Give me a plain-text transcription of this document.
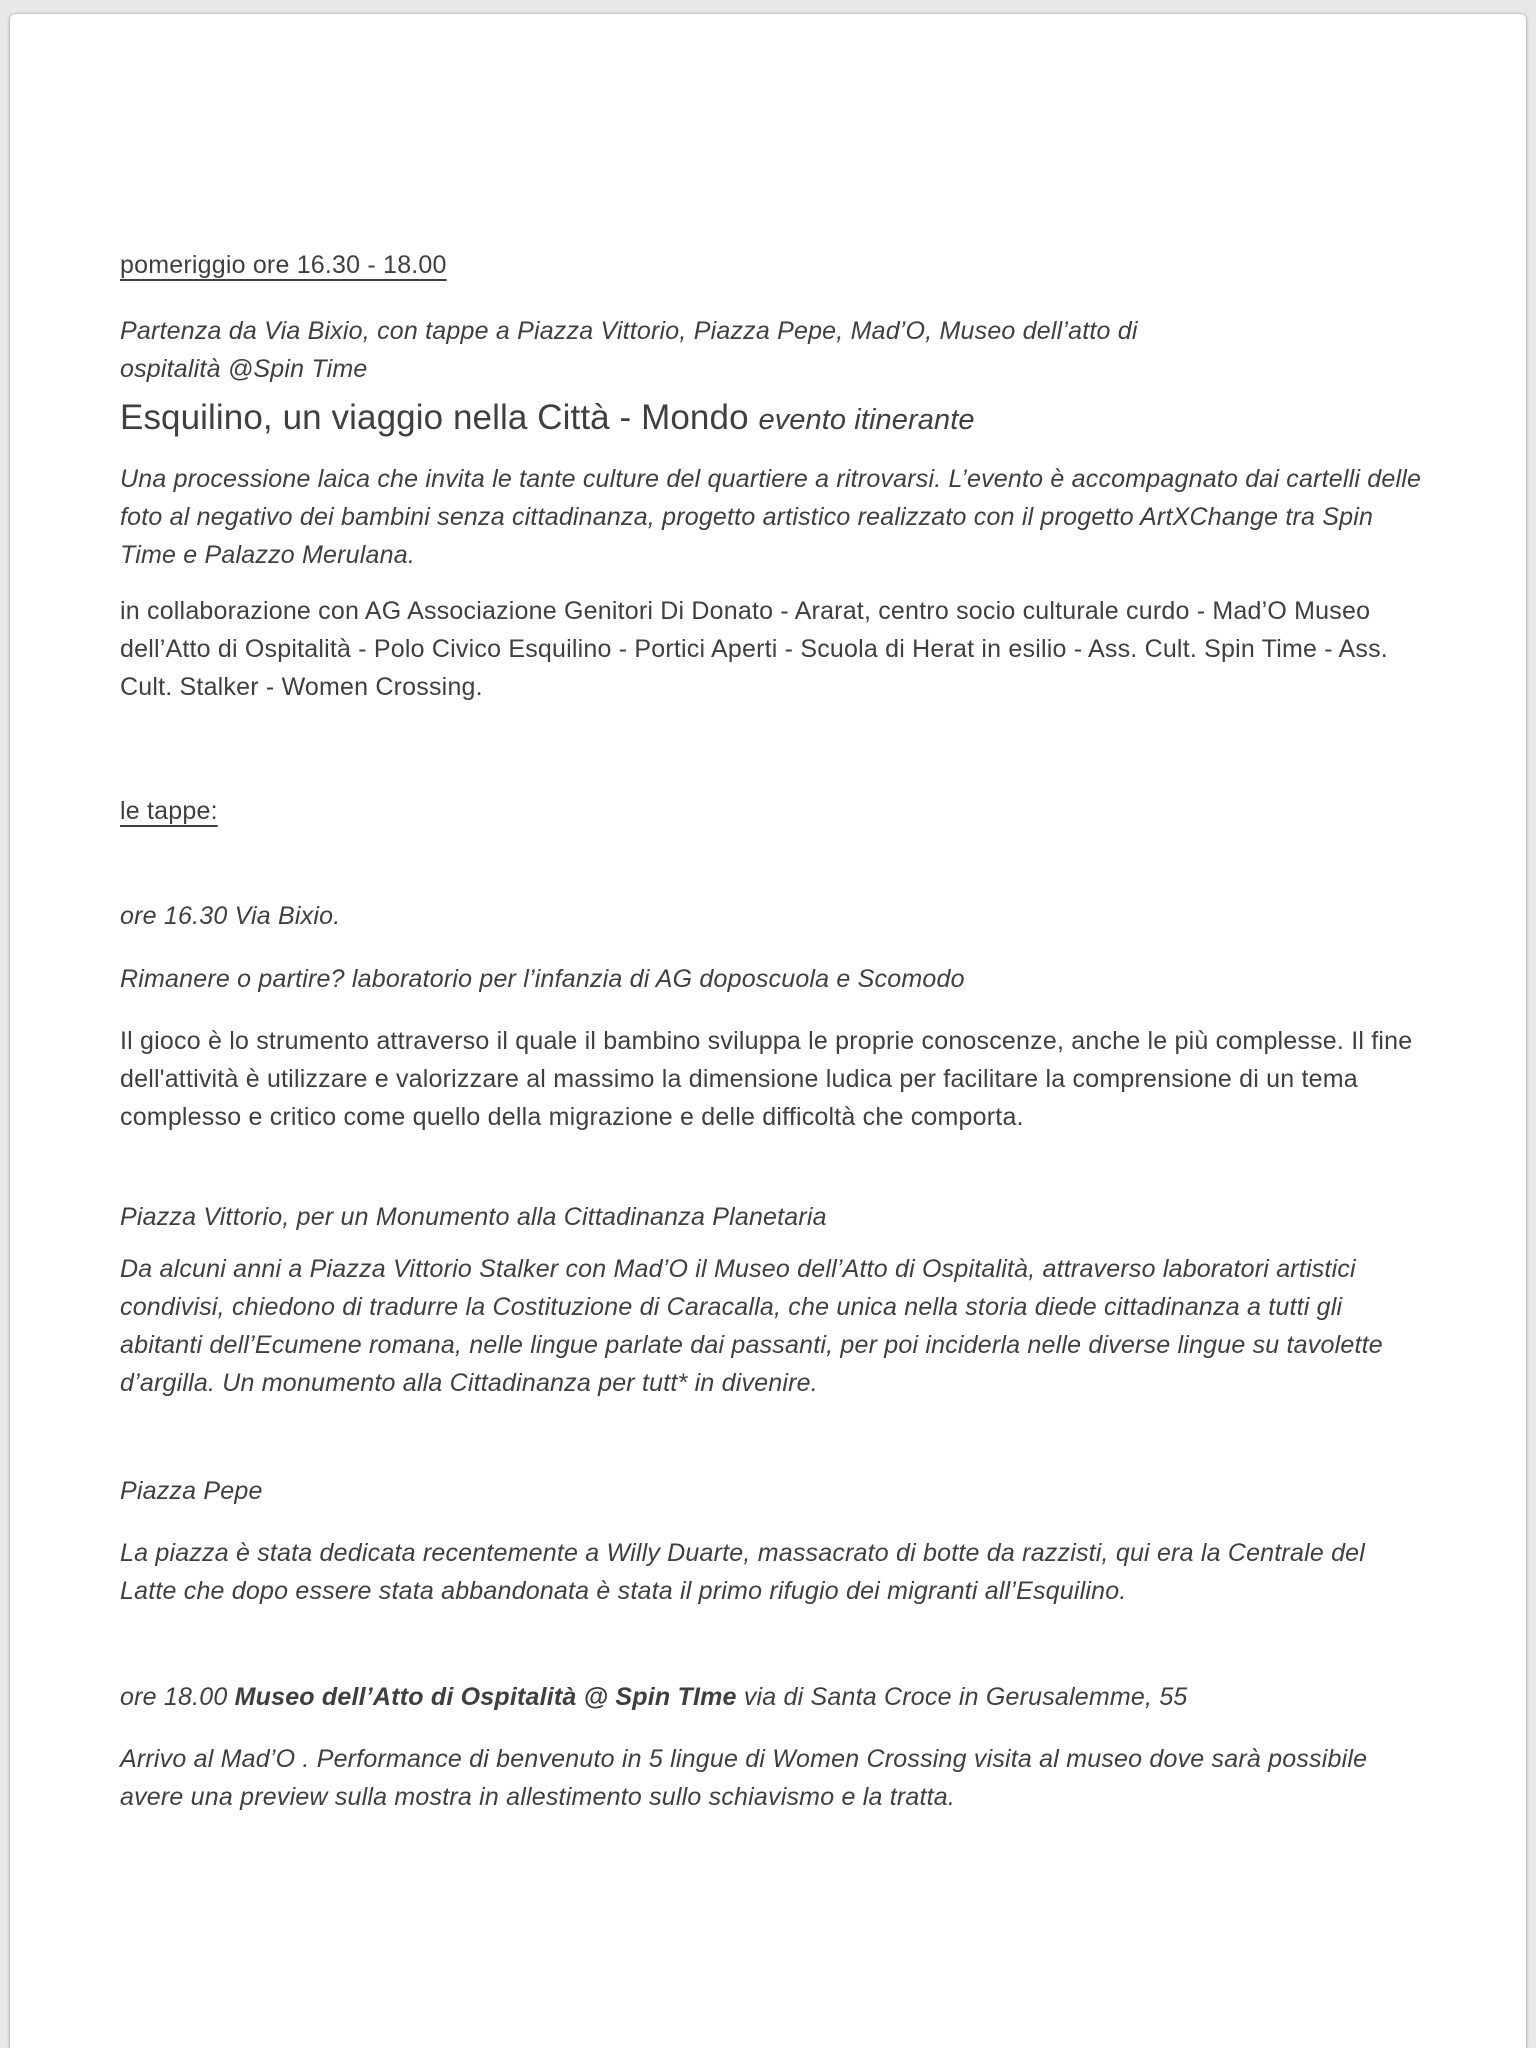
pomeriggio ore 16.30 - 18.00

Partenza da Via Bixio, con tappe a Piazza Vittorio, Piazza Pepe, Mad’O, Museo dell’atto di ospitalità @Spin Time

Esquilino, un viaggio nella Città - Mondo evento itinerante

Una processione laica che invita le tante culture del quartiere a ritrovarsi. L’evento è accompagnato dai cartelli delle foto al negativo dei bambini senza cittadinanza, progetto artistico realizzato con il progetto ArtXChange tra Spin Time e Palazzo Merulana.

in collaborazione con AG Associazione Genitori Di Donato - Ararat, centro socio culturale curdo - Mad’O Museo dell’Atto di Ospitalità - Polo Civico Esquilino - Portici Aperti - Scuola di Herat in esilio - Ass. Cult. Spin Time - Ass. Cult. Stalker - Women Crossing.

le tappe:

ore 16.30 Via Bixio.

Rimanere o partire? laboratorio per l’infanzia di AG doposcuola e Scomodo

Il gioco è lo strumento attraverso il quale il bambino sviluppa le proprie conoscenze, anche le più complesse. Il fine dell'attività è utilizzare e valorizzare al massimo la dimensione ludica per facilitare la comprensione di un tema complesso e critico come quello della migrazione e delle difficoltà che comporta.

Piazza Vittorio, per un Monumento alla Cittadinanza Planetaria

Da alcuni anni a Piazza Vittorio Stalker con Mad’O il Museo dell’Atto di Ospitalità, attraverso laboratori artistici condivisi, chiedono di tradurre la Costituzione di Caracalla, che unica nella storia diede cittadinanza a tutti gli abitanti dell’Ecumene romana, nelle lingue parlate dai passanti, per poi inciderla nelle diverse lingue su tavolette d’argilla. Un monumento alla Cittadinanza per tutt* in divenire.

Piazza Pepe

La piazza è stata dedicata recentemente a Willy Duarte, massacrato di botte da razzisti, qui era la Centrale del Latte che dopo essere stata abbandonata è stata il primo rifugio dei migranti all’Esquilino.

ore 18.00 Museo dell’Atto di Ospitalità @ Spin TIme via di Santa Croce in Gerusalemme, 55

Arrivo al Mad’O . Performance di benvenuto in 5 lingue di Women Crossing visita al museo dove sarà possibile avere una preview sulla mostra in allestimento sullo schiavismo e la tratta.
